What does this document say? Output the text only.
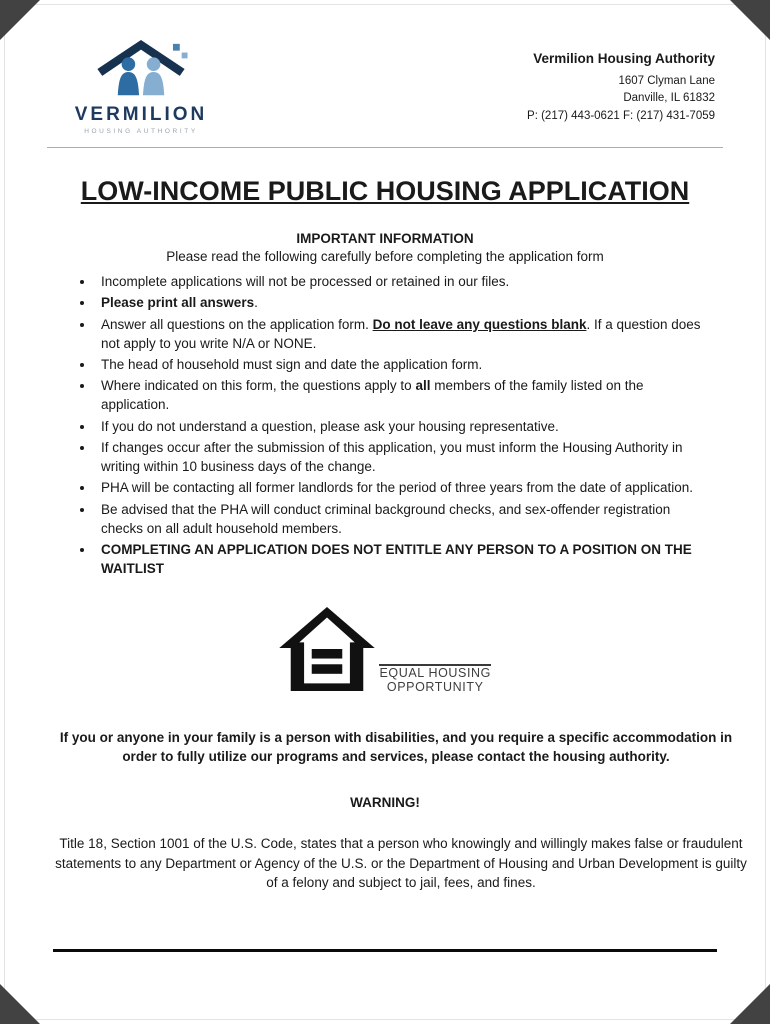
VERMILION
HOUSING AUTHORITY
Vermilion Housing Authority
1607 Clyman Lane
Danville, IL 61832
P: (217) 443-0621 F: (217) 431-7059
LOW-INCOME PUBLIC HOUSING APPLICATION
IMPORTANT INFORMATION
Please read the following carefully before completing the application form
• Incomplete applications will not be processed or retained in our files.
• Please print all answers.
• Answer all questions on the application form. Do not leave any questions blank. If a question does not apply to you write N/A or NONE.
• The head of household must sign and date the application form.
• Where indicated on this form, the questions apply to all members of the family listed on the application.
• If you do not understand a question, please ask your housing representative.
• If changes occur after the submission of this application, you must inform the Housing Authority in writing within 10 business days of the change.
• PHA will be contacting all former landlords for the period of three years from the date of application.
• Be advised that the PHA will conduct criminal background checks, and sex-offender registration checks on all adult household members.
• COMPLETING AN APPLICATION DOES NOT ENTITLE ANY PERSON TO A POSITION ON THE WAITLIST

EQUAL HOUSING
OPPORTUNITY
If you or anyone in your family is a person with disabilities, and you require a specific accommodation in order to fully utilize our programs and services, please contact the housing authority.
WARNING!
Title 18, Section 1001 of the U.S. Code, states that a person who knowingly and willingly makes false or fraudulent statements to any Department or Agency of the U.S. or the Department of Housing and Urban Development is guilty of a felony and subject to jail, fees, and fines.
